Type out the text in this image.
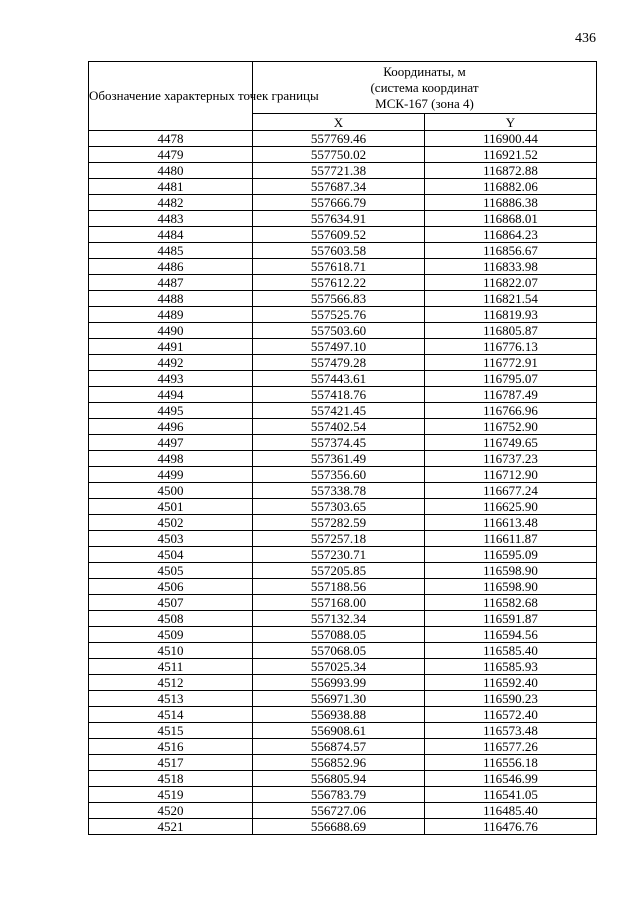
436
Обозначение характерных точек границы	Координаты, м
(система координат
МСК-167 (зона 4)	

	X	Y
4478	557769.46	116900.44
4479	557750.02	116921.52
4480	557721.38	116872.88
4481	557687.34	116882.06
4482	557666.79	116886.38
4483	557634.91	116868.01
4484	557609.52	116864.23
4485	557603.58	116856.67
4486	557618.71	116833.98
4487	557612.22	116822.07
4488	557566.83	116821.54
4489	557525.76	116819.93
4490	557503.60	116805.87
4491	557497.10	116776.13
4492	557479.28	116772.91
4493	557443.61	116795.07
4494	557418.76	116787.49
4495	557421.45	116766.96
4496	557402.54	116752.90
4497	557374.45	116749.65
4498	557361.49	116737.23
4499	557356.60	116712.90
4500	557338.78	116677.24
4501	557303.65	116625.90
4502	557282.59	116613.48
4503	557257.18	116611.87
4504	557230.71	116595.09
4505	557205.85	116598.90
4506	557188.56	116598.90
4507	557168.00	116582.68
4508	557132.34	116591.87
4509	557088.05	116594.56
4510	557068.05	116585.40
4511	557025.34	116585.93
4512	556993.99	116592.40
4513	556971.30	116590.23
4514	556938.88	116572.40
4515	556908.61	116573.48
4516	556874.57	116577.26
4517	556852.96	116556.18
4518	556805.94	116546.99
4519	556783.79	116541.05
4520	556727.06	116485.40
4521	556688.69	116476.76
